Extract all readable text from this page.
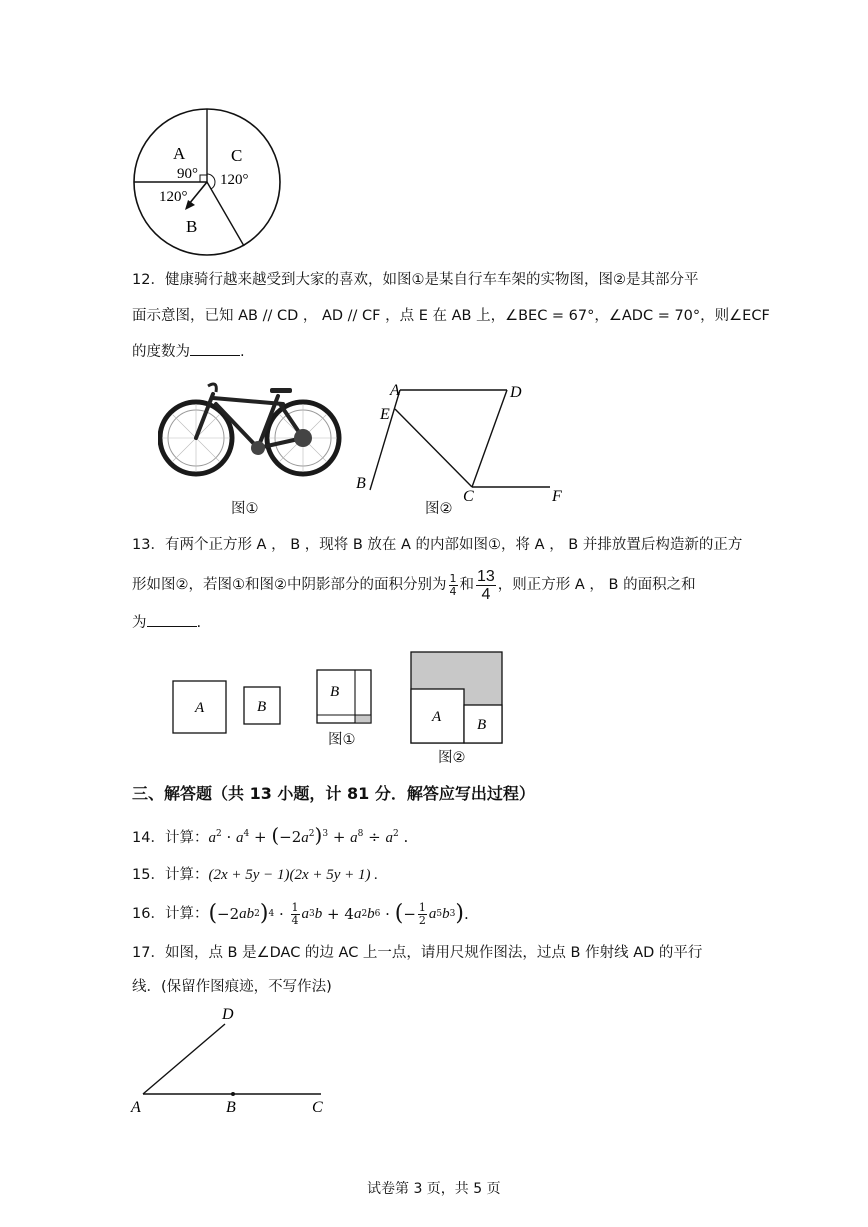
A	C
90° 120°
120°
B
12．健康骑行越来越受到大家的喜欢，如图①是某自行车车架的实物图，图②是其部分平
面示意图，已知 AB // CD ， AD // CF ，点 E 在 AB 上，∠BEC = 67°，∠ADC = 70°，则∠ECF
的度数为	.
图①
A	D
E
B
C	F
图②
13．有两个正方形 A ， B ，现将 B 放在 A 的内部如图①，将 A ， B 并排放置后构造新的正方
形如图②，若图①和图②中阴影部分的面积分别为 $\frac{1}{4}$ 和 $\frac{13}{4}$ ，则正方形 A ， B 的面积之和
为	.
A	B
B
A B
图①
图②
三、解答题（共 13 小题，计 81 分．解答应写出过程）
14．计算：$a^2 \cdot a^4 + (-2a^2)^3 + a^8 \div a^2$ .
15．计算：(2x + 5y − 1)(2x + 5y + 1) .
16．计算： ( −2 ab 2 ) $4 \cdot \frac{1}{4}$ a 3 b + 4 a 2 b 6 · ( − $\frac{1}{2}$ a 5 b 3 ) .
17．如图，点 B 是∠DAC 的边 AC 上一点，请用尺规作图法，过点 B 作射线 AD 的平行
线．(保留作图痕迹，不写作法)
D
A	B	C
试卷第 3 页，共 5 页
